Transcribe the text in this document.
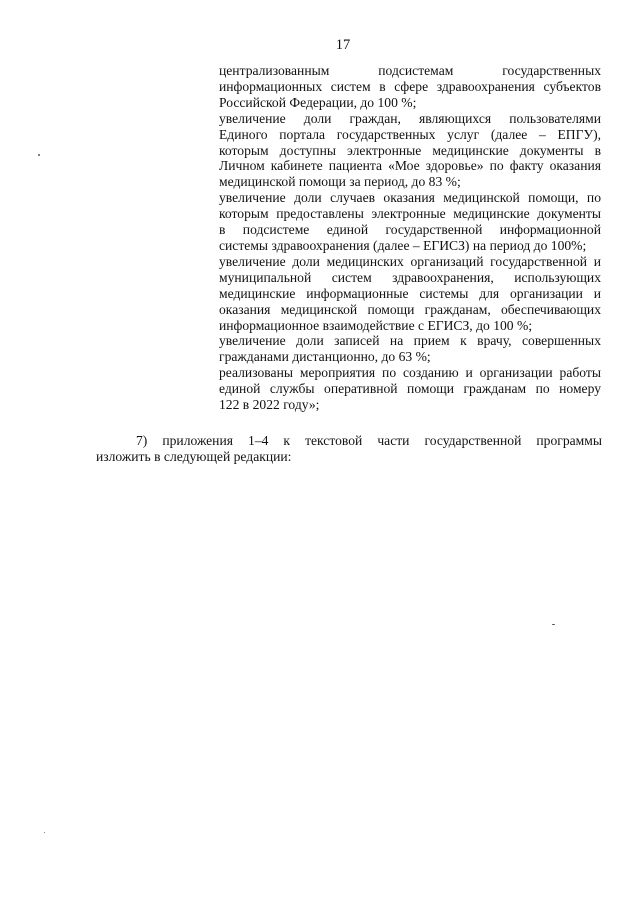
17

централизованным подсистемам государственных
информационных систем в сфере здравоохранения субъектов
Российской Федерации, до 100 %;

увеличение доли граждан, являющихся пользователями
Единого портала государственных услуг (далее – ЕПГУ),
которым доступны электронные медицинские документы в
Личном кабинете пациента «Мое здоровье» по факту оказания
медицинской помощи за период, до 83 %;

увеличение доли случаев оказания медицинской помощи, по
которым предоставлены электронные медицинские документы
в подсистеме единой государственной информационной
системы здравоохранения (далее – ЕГИСЗ) на период до 100%;

увеличение доли медицинских организаций государственной и
муниципальной систем здравоохранения, использующих
медицинские информационные системы для организации и
оказания медицинской помощи гражданам, обеспечивающих
информационное взаимодействие с ЕГИСЗ, до 100 %;

увеличение доли записей на прием к врачу, совершенных
гражданами дистанционно, до 63 %;

реализованы мероприятия по созданию и организации работы
единой службы оперативной помощи гражданам по номеру
122 в 2022 году»;

7) приложения 1–4 к текстовой части государственной программы
изложить в следующей редакции:
